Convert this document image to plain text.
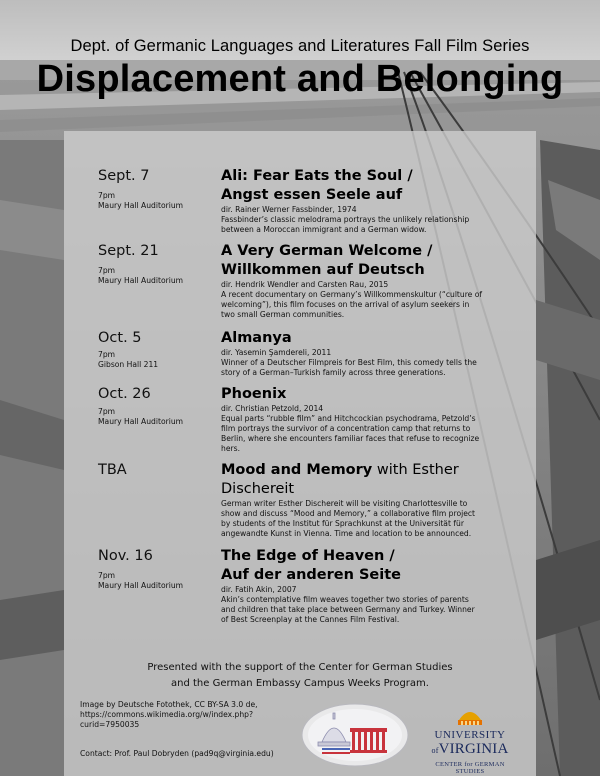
Dept. of Germanic Languages and Literatures Fall Film Series
Displacement and Belonging
Sept. 7
7pm
Maury Hall Auditorium
Ali: Fear Eats the Soul /
Angst essen Seele auf
dir. Rainer Werner Fassbinder, 1974
Fassbinder’s classic melodrama portrays the unlikely relationship
between a Moroccan immigrant and a German widow.
Sept. 21
7pm
Maury Hall Auditorium
A Very German Welcome /
Willkommen auf Deutsch
dir. Hendrik Wendler and Carsten Rau, 2015
A recent documentary on Germany’s Willkommenskultur (“culture of
welcoming”), this film focuses on the arrival of asylum seekers in
two small German communities.
Oct. 5
7pm
Gibson Hall 211
Almanya
dir. Yasemin Şamdereli, 2011
Winner of a Deutscher Filmpreis for Best Film, this comedy tells the
story of a German–Turkish family across three generations.
Oct. 26
7pm
Maury Hall Auditorium
Phoenix
dir. Christian Petzold, 2014
Equal parts “rubble film” and Hitchcockian psychodrama, Petzold’s
film portrays the survivor of a concentration camp that returns to
Berlin, where she encounters familiar faces that refuse to recognize
hers.
TBA	Mood and Memory with Esther
Dischereit
German writer Esther Dischereit will be visiting Charlottesville to
show and discuss “Mood and Memory,” a collaborative film project
by students of the Institut für Sprachkunst at the Universität für
angewandte Kunst in Vienna. Time and location to be announced.
Nov. 16
7pm
Maury Hall Auditorium
The Edge of Heaven /
Auf der anderen Seite
dir. Fatih Akin, 2007
Akin’s contemplative film weaves together two stories of parents
and children that take place between Germany and Turkey. Winner
of Best Screenplay at the Cannes Film Festival.
Presented with the support of the Center for German Studies
and the German Embassy Campus Weeks Program.
Image by Deutsche Fotothek, CC BY-SA 3.0 de,
https://commons.wikimedia.org/w/index.php?
curid=7950035
Contact: Prof. Paul Dobryden (pad9q@virginia.edu)
UNIVERSITY
ofVIRGINIA
CENTER for GERMAN STUDIES
